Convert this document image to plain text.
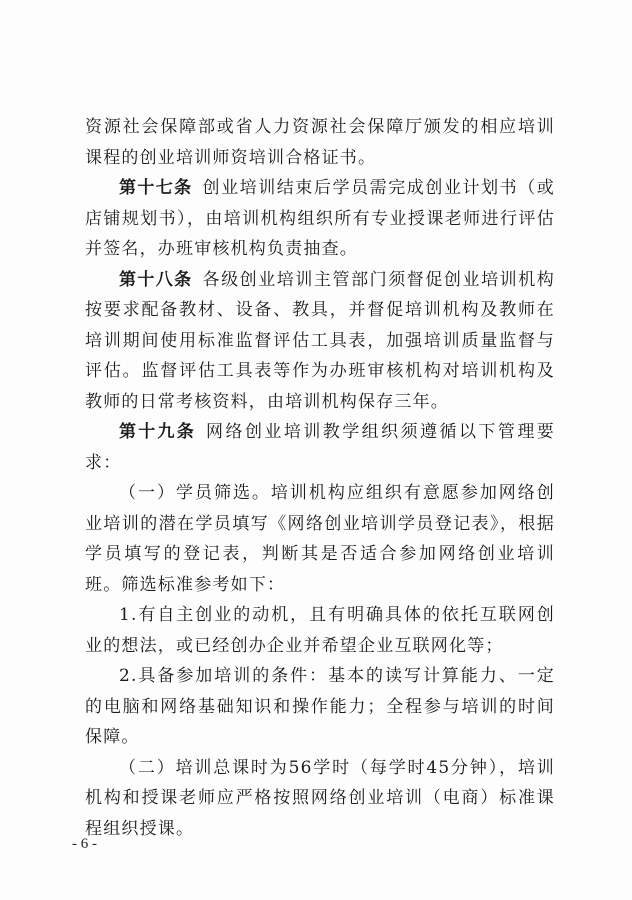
资源社会保障部或省人力资源社会保障厅颁发的相应培训课程的创业培训师资培训合格证书。

第十七条 创业培训结束后学员需完成创业计划书（或店铺规划书），由培训机构组织所有专业授课老师进行评估并签名，办班审核机构负责抽查。

第十八条 各级创业培训主管部门须督促创业培训机构按要求配备教材、设备、教具，并督促培训机构及教师在培训期间使用标准监督评估工具表，加强培训质量监督与评估。监督评估工具表等作为办班审核机构对培训机构及教师的日常考核资料，由培训机构保存三年。

第十九条 网络创业培训教学组织须遵循以下管理要求：

（一）学员筛选。培训机构应组织有意愿参加网络创业培训的潜在学员填写《网络创业培训学员登记表》，根据学员填写的登记表，判断其是否适合参加网络创业培训班。筛选标准参考如下：

1.有自主创业的动机，且有明确具体的依托互联网创业的想法，或已经创办企业并希望企业互联网化等；

2.具备参加培训的条件：基本的读写计算能力、一定的电脑和网络基础知识和操作能力；全程参与培训的时间保障。

（二）培训总课时为56学时（每学时45分钟），培训机构和授课老师应严格按照网络创业培训（电商）标准课程组织授课。

- 6 -
